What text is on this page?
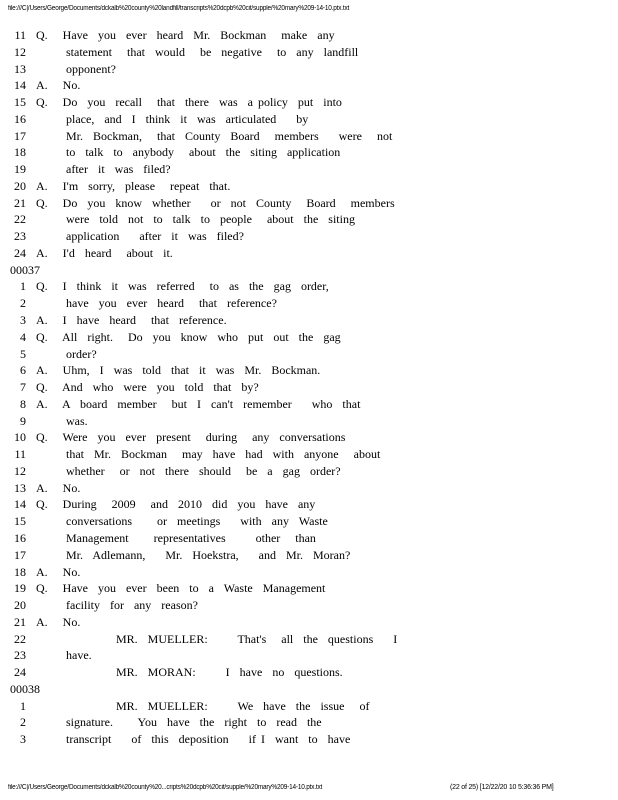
file:///C|/Users/George/Documents/dckalb%20county%20landfill/transcripts%20dcpb%20cit/supple/%20mary%209-14-10.ptx.txt
11 Q.   Have  you  ever  heard  Mr.  Bockman   make  any
12 statement   that  would   be  negative   to  any  landfill
13 opponent?
14 A.   No.
15 Q.   Do  you  recall   that  there  was  a policy  put  into
16 place,  and  I  think  it  was  articulated    by
17 Mr.  Bockman,   that  County  Board   members    were   not
18 to  talk  to  anybody   about  the  siting  application
19 after  it  was  filed?
20 A.   I'm  sorry,  please   repeat  that.
21 Q.   Do  you  know  whether    or  not  County   Board   members
22 were  told  not  to  talk  to  people   about  the  siting
23 application    after  it  was  filed?
24 A.   I'd  heard   about  it.
00037
1 Q.   I  think  it  was  referred   to  as  the  gag  order,
2 have  you  ever  heard   that  reference?
3 A.   I  have  heard   that  reference.
4 Q.   All  right.   Do  you  know  who  put  out  the  gag
5 order?
6 A.   Uhm,  I  was  told  that  it  was  Mr.  Bockman.
7 Q.   And  who  were  you  told  that  by?
8 A.   A  board  member   but  I  can't  remember    who  that
9 was.
10 Q.   Were  you  ever  present   during   any  conversations
11 that  Mr.  Bockman   may  have  had  with  anyone   about
12 whether   or  not  there  should   be  a  gag  order?
13 A.   No.
14 Q.   During   2009   and  2010  did  you  have  any
15 conversations     or  meetings    with  any  Waste
16 Management     representatives      other   than
17 Mr.  Adlemann,    Mr.  Hoekstra,    and  Mr.  Moran?
18 A.   No.
19 Q.   Have  you  ever  been  to  a  Waste  Management
20 facility  for  any  reason?
21 A.   No.
22 MR.  MUELLER:      That's   all  the  questions    I
23 have.
24 MR.  MORAN:      I  have  no  questions.
00038
1 MR.  MUELLER:      We  have  the  issue   of
2 signature.     You  have  the  right  to  read  the
3 transcript    of  this  deposition    if I  want  to  have
file:///C|/Users/George/Documents/dckalb%20county%20...cripts%20dcpb%20cit/supple/%20mary%209-14-10.ptx.txt	(22 of 25) [12/22/20 10 5:36:36 PM]
